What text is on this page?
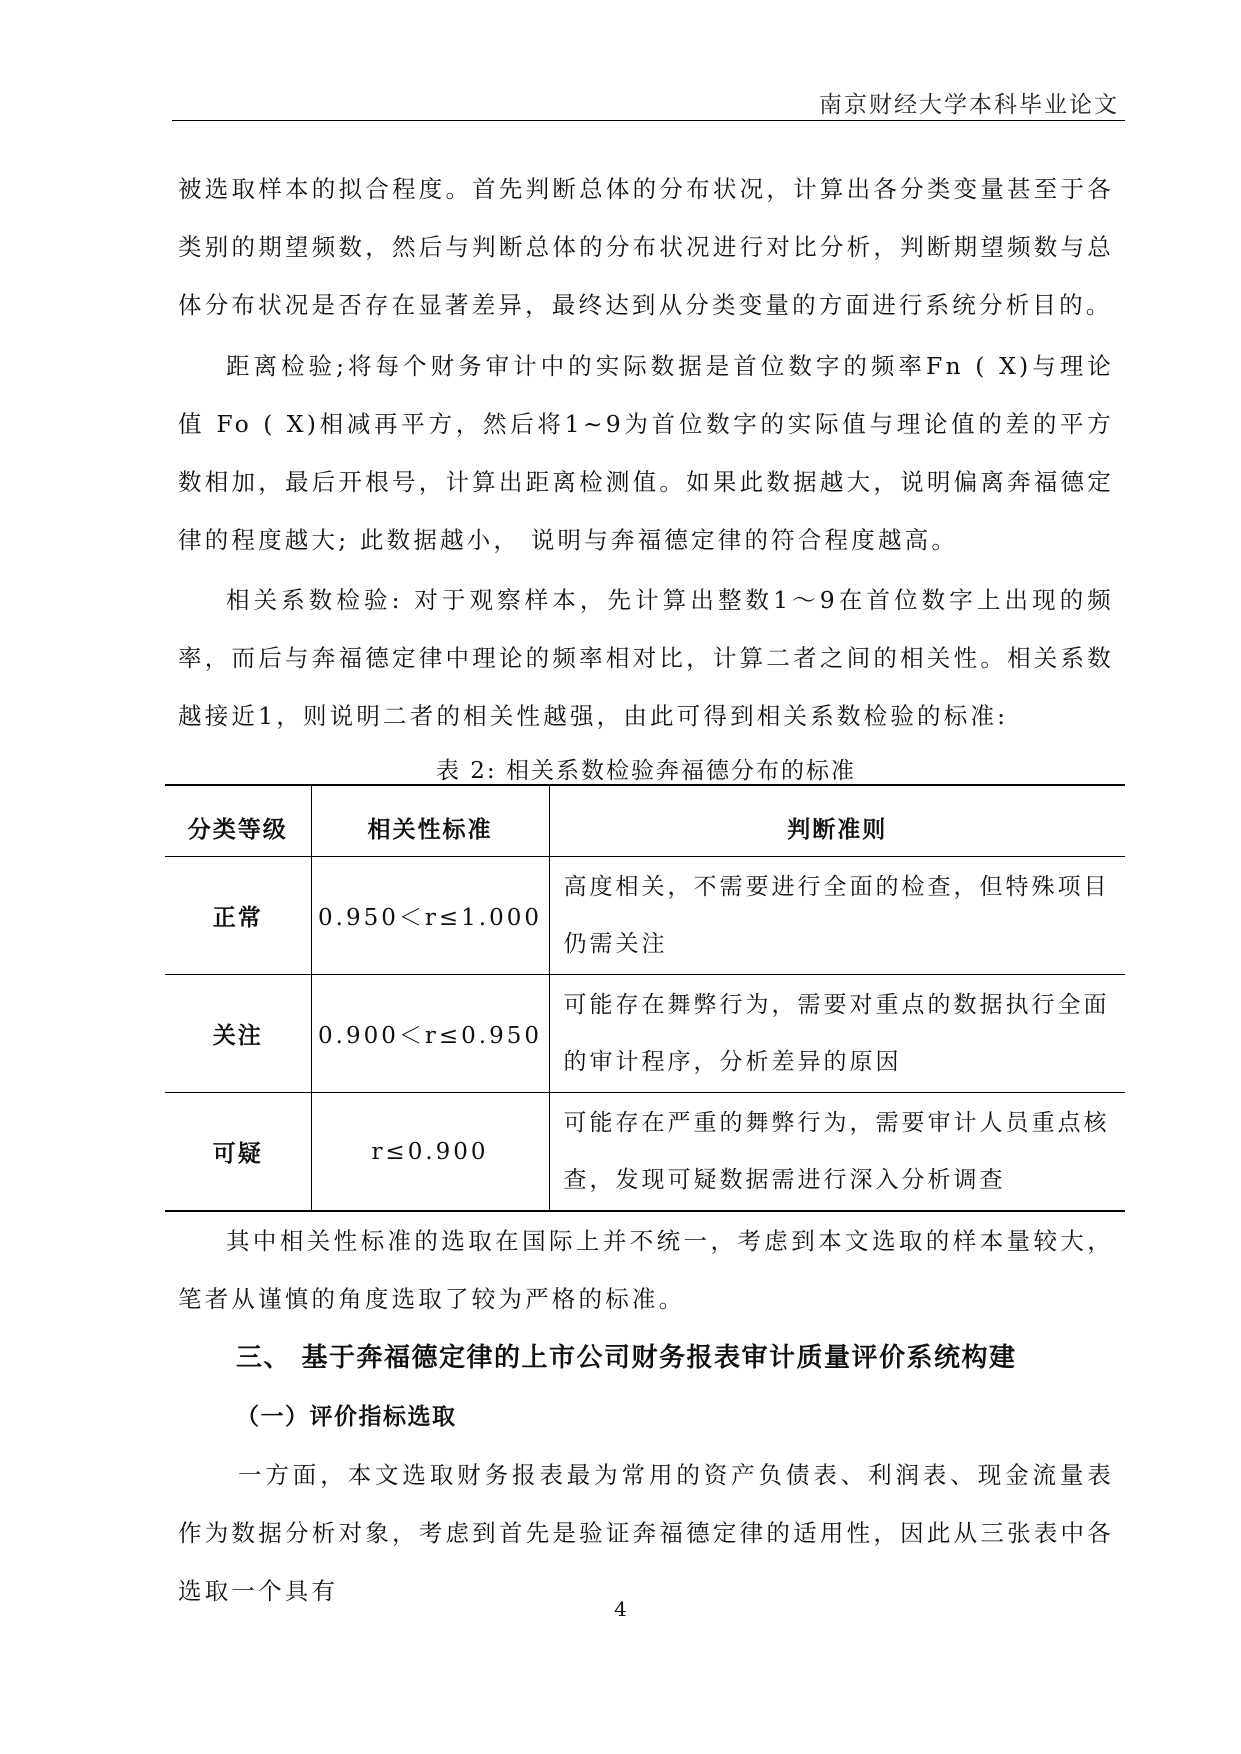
南京财经大学本科毕业论文

被选取样本的拟合程度。首先判断总体的分布状况，计算出各分类变量甚至于各类别的期望频数，然后与判断总体的分布状况进行对比分析，判断期望频数与总体分布状况是否存在显著差异，最终达到从分类变量的方面进行系统分析目的。

距离检验;将每个财务审计中的实际数据是首位数字的频率Fn ( X)与理论值 Fo ( X)相减再平方，然后将1~9为首位数字的实际值与理论值的差的平方数相加，最后开根号，计算出距离检测值。如果此数据越大，说明偏离奔福德定律的程度越大; 此数据越小， 说明与奔福德定律的符合程度越高。

相关系数检验: 对于观察样本，先计算出整数1～9在首位数字上出现的频率，而后与奔福德定律中理论的频率相对比，计算二者之间的相关性。相关系数越接近1，则说明二者的相关性越强，由此可得到相关系数检验的标准:

表 2: 相关系数检验奔福德分布的标准

分类等级	相关性标准	判断准则
正常	0.950＜r≤1.000	高度相关，不需要进行全面的检查，但特殊项目仍需关注
关注	0.900＜r≤0.950	可能存在舞弊行为，需要对重点的数据执行全面的审计程序，分析差异的原因
可疑	r≤0.900	可能存在严重的舞弊行为，需要审计人员重点核查，发现可疑数据需进行深入分析调查

其中相关性标准的选取在国际上并不统一，考虑到本文选取的样本量较大，笔者从谨慎的角度选取了较为严格的标准。

三、 基于奔福德定律的上市公司财务报表审计质量评价系统构建
（一）评价指标选取

一方面，本文选取财务报表最为常用的资产负债表、利润表、现金流量表作为数据分析对象，考虑到首先是验证奔福德定律的适用性，因此从三张表中各选取一个具有

4
